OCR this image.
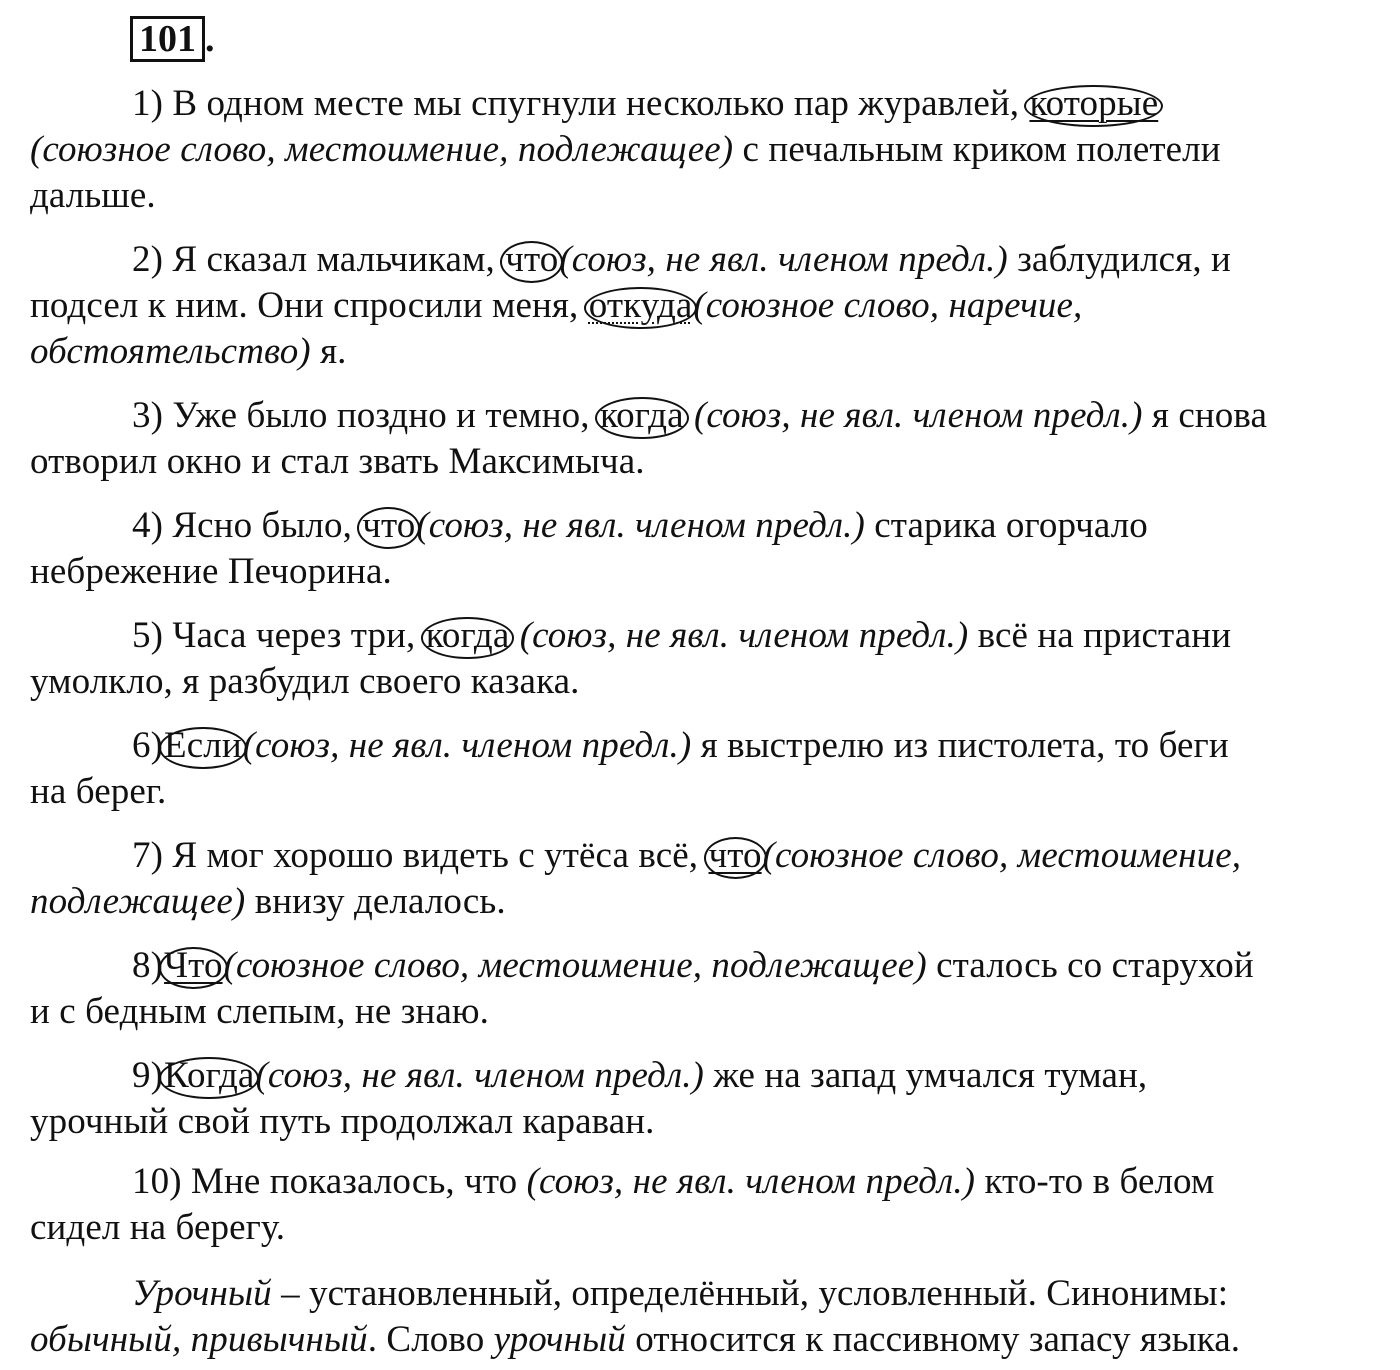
101 .
1) В одном месте мы спугнули несколько пар журавлей, которые
(союзное слово, местоимение, подлежащее) с печальным криком полетели
дальше.
2) Я сказал мальчикам, что(союз, не явл. членом предл.) заблудился, и
подсел к ним. Они спросили меня, откуда(союзное слово, наречие,
обстоятельство) я.
3) Уже было поздно и темно, когда (союз, не явл. членом предл.) я снова
отворил окно и стал звать Максимыча.
4) Ясно было, что(союз, не явл. членом предл.) старика огорчало
небрежение Печорина.
5) Часа через три, когда (союз, не явл. членом предл.) всё на пристани
умолкло, я разбудил своего казака.
6)Если(союз, не явл. членом предл.) я выстрелю из пистолета, то беги
на берег.
7) Я мог хорошо видеть с утёса всё, что(союзное слово, местоимение,
подлежащее) внизу делалось.
8)Что(союзное слово, местоимение, подлежащее) сталось со старухой
и с бедным слепым, не знаю.
9)Когда(союз, не явл. членом предл.) же на запад умчался туман,
урочный свой путь продолжал караван.
10) Мне показалось, что (союз, не явл. членом предл.) кто-то в белом
сидел на берегу.
Урочный – установленный, определённый, условленный. Синонимы:
обычный, привычный. Слово урочный относится к пассивному запасу языка.
